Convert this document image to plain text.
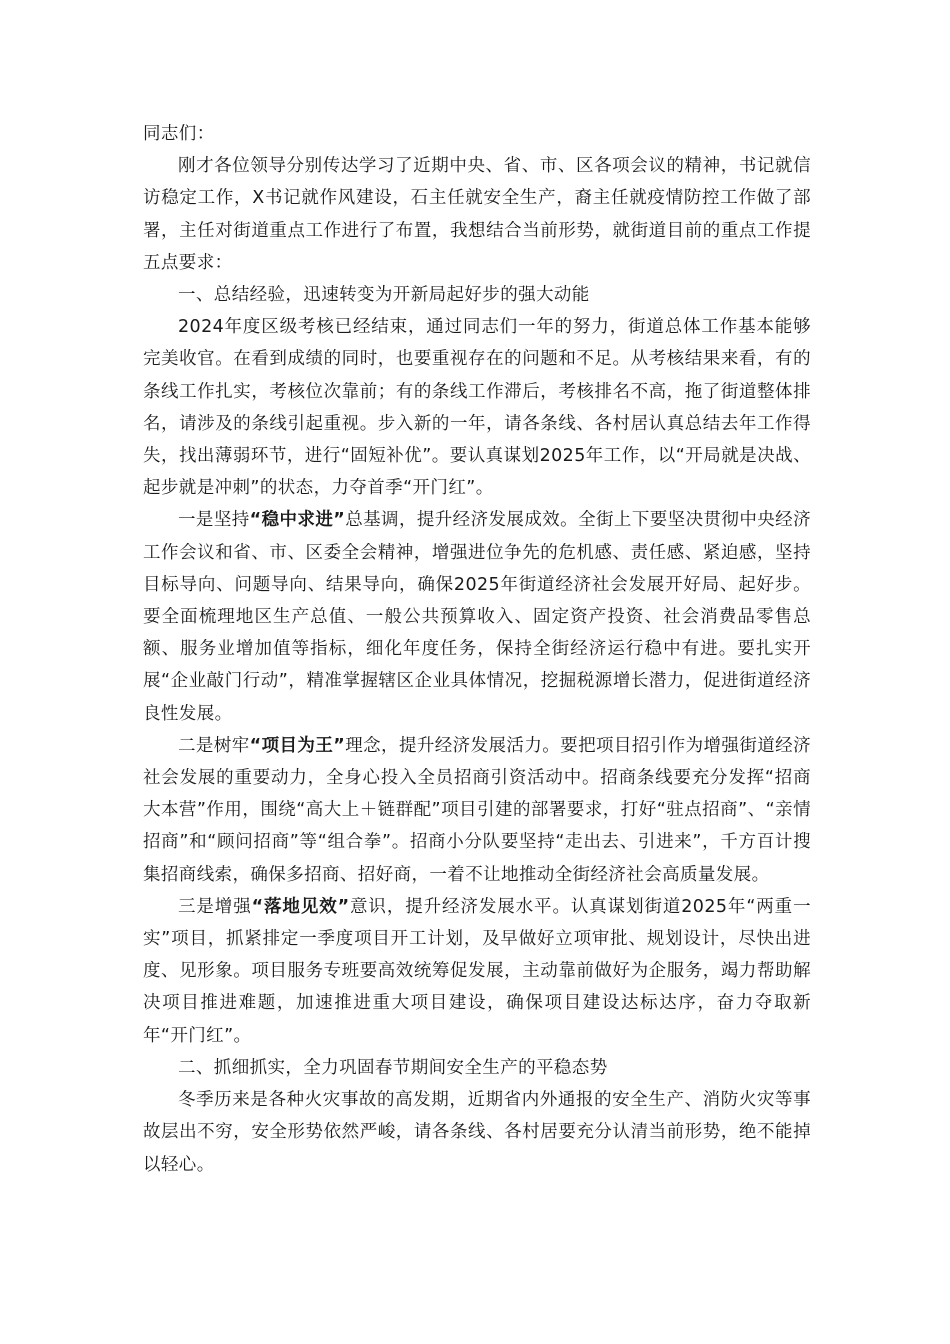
同志们：

刚才各位领导分别传达学习了近期中央、省、市、区各项会议的精神，书记就信访稳定工作，X书记就作风建设，石主任就安全生产，裔主任就疫情防控工作做了部署，主任对街道重点工作进行了布置，我想结合当前形势，就街道目前的重点工作提五点要求：

一、总结经验，迅速转变为开新局起好步的强大动能

2024年度区级考核已经结束，通过同志们一年的努力，街道总体工作基本能够完美收官。在看到成绩的同时，也要重视存在的问题和不足。从考核结果来看，有的条线工作扎实，考核位次靠前；有的条线工作滞后，考核排名不高，拖了街道整体排名，请涉及的条线引起重视。步入新的一年，请各条线、各村居认真总结去年工作得失，找出薄弱环节，进行“固短补优”。要认真谋划2025年工作，以“开局就是决战、起步就是冲刺”的状态，力夺首季“开门红”。

一是坚持“稳中求进”总基调，提升经济发展成效。全街上下要坚决贯彻中央经济工作会议和省、市、区委全会精神，增强进位争先的危机感、责任感、紧迫感，坚持目标导向、问题导向、结果导向，确保2025年街道经济社会发展开好局、起好步。要全面梳理地区生产总值、一般公共预算收入、固定资产投资、社会消费品零售总额、服务业增加值等指标，细化年度任务，保持全街经济运行稳中有进。要扎实开展“企业敲门行动”，精准掌握辖区企业具体情况，挖掘税源增长潜力，促进街道经济良性发展。

二是树牢“项目为王”理念，提升经济发展活力。要把项目招引作为增强街道经济社会发展的重要动力，全身心投入全员招商引资活动中。招商条线要充分发挥“招商大本营”作用，围绕“高大上＋链群配”项目引建的部署要求，打好“驻点招商”、“亲情招商”和“顾问招商”等“组合拳”。招商小分队要坚持“走出去、引进来”，千方百计搜集招商线索，确保多招商、招好商，一着不让地推动全街经济社会高质量发展。

三是增强“落地见效”意识，提升经济发展水平。认真谋划街道2025年“两重一实”项目，抓紧排定一季度项目开工计划，及早做好立项审批、规划设计，尽快出进度、见形象。项目服务专班要高效统筹促发展，主动靠前做好为企服务，竭力帮助解决项目推进难题，加速推进重大项目建设，确保项目建设达标达序，奋力夺取新年“开门红”。

二、抓细抓实，全力巩固春节期间安全生产的平稳态势

冬季历来是各种火灾事故的高发期，近期省内外通报的安全生产、消防火灾等事故层出不穷，安全形势依然严峻，请各条线、各村居要充分认清当前形势，绝不能掉以轻心。
